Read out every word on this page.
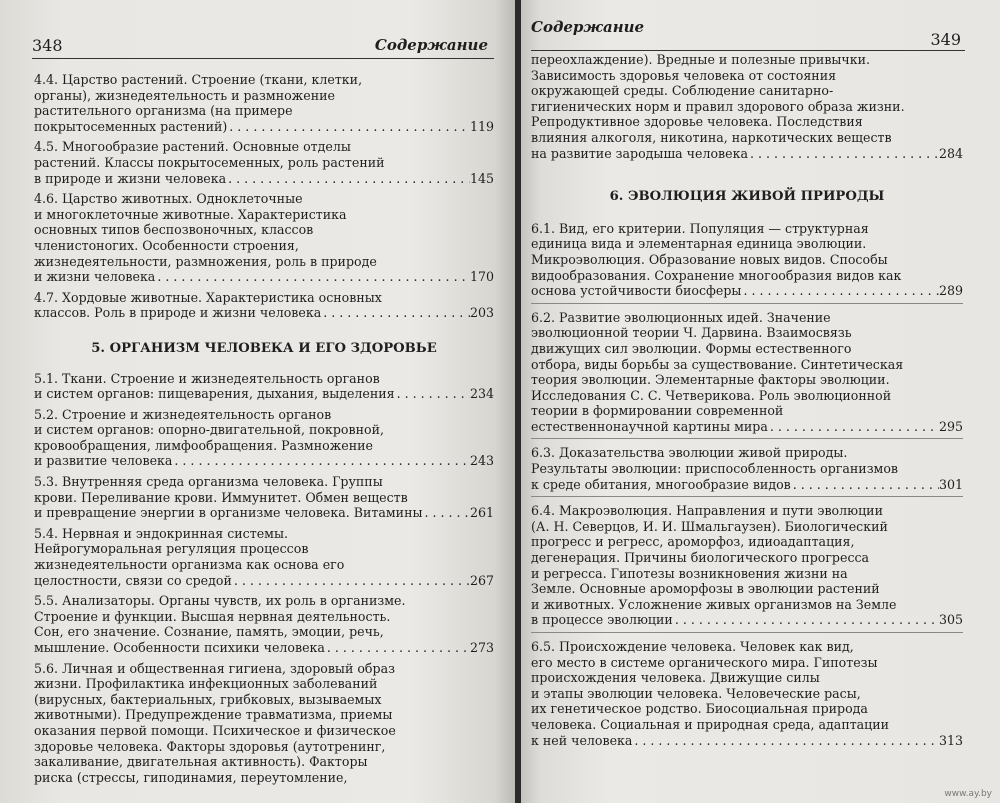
348	Содержание
4.4. Царство растений. Строение (ткани, клетки,
органы), жизнедеятельность и размножение
растительного организма (на примере
покрытосеменных растений) . . .	119
4.5. Многообразие растений. Основные отделы
растений. Классы покрытосеменных, роль растений
в природе и жизни человека . . .	145
4.6. Царство животных. Одноклеточные
и многоклеточные животные. Характеристика
основных типов беспозвоночных, классов
членистоногих. Особенности строения,
жизнедеятельности, размножения, роль в природе
и жизни человека . . .	170
4.7. Хордовые животные. Характеристика основных
классов. Роль в природе и жизни человека . . .	203
5. ОРГАНИЗМ ЧЕЛОВЕКА И ЕГО ЗДОРОВЬЕ
5.1. Ткани. Строение и жизнедеятельность органов
и систем органов: пищеварения, дыхания, выделения . . .	234
5.2. Строение и жизнедеятельность органов
и систем органов: опорно-двигательной, покровной,
кровообращения, лимфообращения. Размножение
и развитие человека . . .	243
5.3. Внутренняя среда организма человека. Группы
крови. Переливание крови. Иммунитет. Обмен веществ
и превращение энергии в организме человека. Витамины . . .	261
5.4. Нервная и эндокринная системы.
Нейрогуморальная регуляция процессов
жизнедеятельности организма как основа его
целостности, связи со средой . . .	267
5.5. Анализаторы. Органы чувств, их роль в организме.
Строение и функции. Высшая нервная деятельность.
Сон, его значение. Сознание, память, эмоции, речь,
мышление. Особенности психики человека . . .	273
5.6. Личная и общественная гигиена, здоровый образ
жизни. Профилактика инфекционных заболеваний
(вирусных, бактериальных, грибковых, вызываемых
животными). Предупреждение травматизма, приемы
оказания первой помощи. Психическое и физическое
здоровье человека. Факторы здоровья (аутотренинг,
закаливание, двигательная активность). Факторы
риска (стрессы, гиподинамия, переутомление,
Содержание
349
переохлаждение). Вредные и полезные привычки.
Зависимость здоровья человека от состояния
окружающей среды. Соблюдение санитарно-
гигиенических норм и правил здорового образа жизни.
Репродуктивное здоровье человека. Последствия
влияния алкоголя, никотина, наркотических веществ
на развитие зародыша человека . . .	284
6. ЭВОЛЮЦИЯ ЖИВОЙ ПРИРОДЫ
6.1. Вид, его критерии. Популяция — структурная
единица вида и элементарная единица эволюции.
Микроэволюция. Образование новых видов. Способы
видообразования. Сохранение многообразия видов как
основа устойчивости биосферы . . .	289
6.2. Развитие эволюционных идей. Значение
эволюционной теории Ч. Дарвина. Взаимосвязь
движущих сил эволюции. Формы естественного
отбора, виды борьбы за существование. Синтетическая
теория эволюции. Элементарные факторы эволюции.
Исследования С. С. Четверикова. Роль эволюционной
теории в формировании современной
естественнонаучной картины мира . . .	295
6.3. Доказательства эволюции живой природы.
Результаты эволюции: приспособленность организмов
к среде обитания, многообразие видов . . .	301
6.4. Макроэволюция. Направления и пути эволюции
(А. Н. Северцов, И. И. Шмальгаузен). Биологический
прогресс и регресс, ароморфоз, идиоадаптация,
дегенерация. Причины биологического прогресса
и регресса. Гипотезы возникновения жизни на
Земле. Основные ароморфозы в эволюции растений
и животных. Усложнение живых организмов на Земле
в процессе эволюции . . .	305
6.5. Происхождение человека. Человек как вид,
его место в системе органического мира. Гипотезы
происхождения человека. Движущие силы
и этапы эволюции человека. Человеческие расы,
их генетическое родство. Биосоциальная природа
человека. Социальная и природная среда, адаптации
к ней человека . . .	313
www.ay.by
